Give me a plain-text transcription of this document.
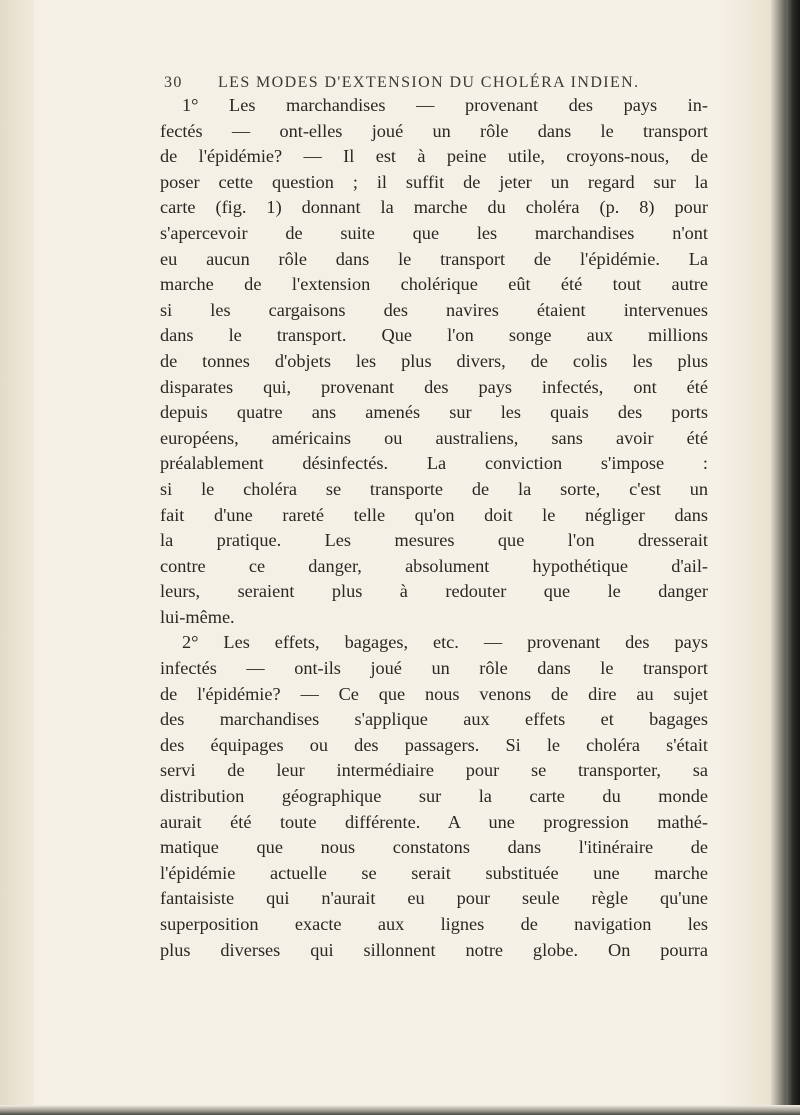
30 LES MODES D'EXTENSION DU CHOLÉRA INDIEN.
1° Les marchandises — provenant des pays in-
fectés — ont-elles joué un rôle dans le transport
de l'épidémie? — Il est à peine utile, croyons-nous, de
poser cette question ; il suffit de jeter un regard sur la
carte (fig. 1) donnant la marche du choléra (p. 8) pour
s'apercevoir de suite que les marchandises n'ont
eu aucun rôle dans le transport de l'épidémie. La
marche de l'extension cholérique eût été tout autre
si les cargaisons des navires étaient intervenues
dans le transport. Que l'on songe aux millions
de tonnes d'objets les plus divers, de colis les plus
disparates qui, provenant des pays infectés, ont été
depuis quatre ans amenés sur les quais des ports
européens, américains ou australiens, sans avoir été
préalablement désinfectés. La conviction s'impose :
si le choléra se transporte de la sorte, c'est un
fait d'une rareté telle qu'on doit le négliger dans
la pratique. Les mesures que l'on dresserait
contre ce danger, absolument hypothétique d'ail-
leurs, seraient plus à redouter que le danger
lui-même.
2° Les effets, bagages, etc. — provenant des pays
infectés — ont-ils joué un rôle dans le transport
de l'épidémie? — Ce que nous venons de dire au sujet
des marchandises s'applique aux effets et bagages
des équipages ou des passagers. Si le choléra s'était
servi de leur intermédiaire pour se transporter, sa
distribution géographique sur la carte du monde
aurait été toute différente. A une progression mathé-
matique que nous constatons dans l'itinéraire de
l'épidémie actuelle se serait substituée une marche
fantaisiste qui n'aurait eu pour seule règle qu'une
superposition exacte aux lignes de navigation les
plus diverses qui sillonnent notre globe. On pourra
